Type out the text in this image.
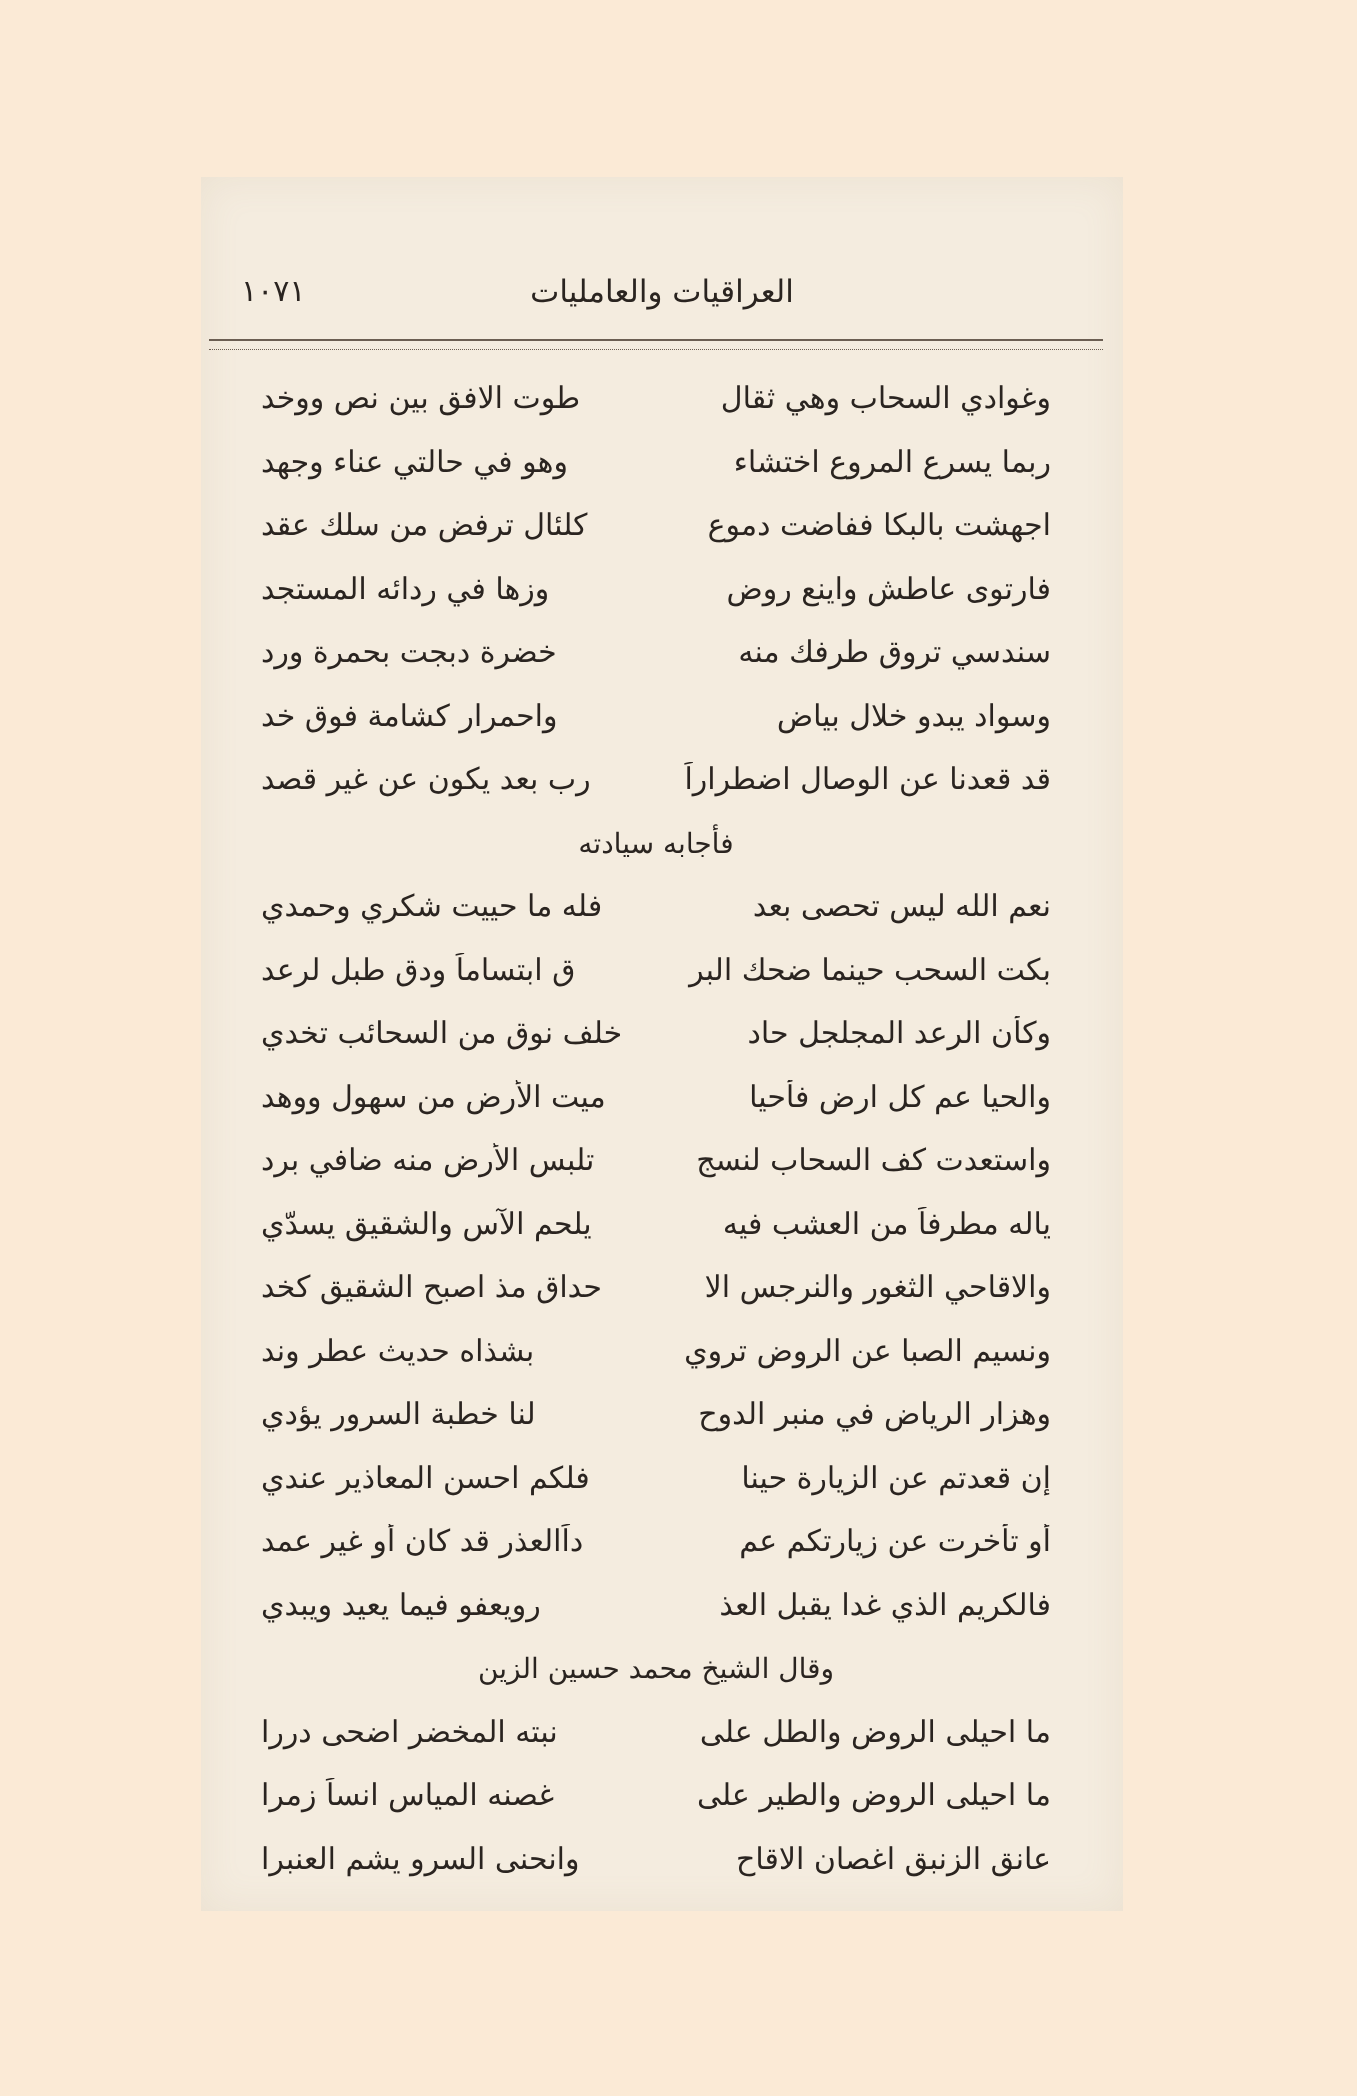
العراقيات والعامليات
١٠٧١
وغوادي السحاب وهي ثقال
طوت الافق بين نص ووخد
ربما يسرع المروع اختشاء
وهو في حالتي عناء وجهد
اجهشت بالبكا ففاضت دموع
كلئال ترفض من سلك عقد
فارتوى عاطش واينع روض
وزها في ردائه المستجد
سندسي تروق طرفك منه
خضرة دبجت بحمرة ورد
وسواد يبدو خلال بياض
واحمرار كشامة فوق خد
قد قعدنا عن الوصال اضطراراً
رب بعد يكون عن غير قصد
فأجابه سيادته
نعم الله ليس تحصى بعد
فله ما حييت شكري وحمدي
بكت السحب حينما ضحك البر
ق ابتساماً ودق طبل لرعد
وكأن الرعد المجلجل حاد
خلف نوق من السحائب تخدي
والحيا عم كل ارض فأحيا
ميت الأرض من سهول ووهد
واستعدت كف السحاب لنسج
تلبس الأرض منه ضافي برد
ياله مطرفاً من العشب فيه
يلحم الآس والشقيق يسدّي
والاقاحي الثغور والنرجس الا
حداق مذ اصبح الشقيق كخد
ونسيم الصبا عن الروض تروي
بشذاه حديث عطر وند
وهزار الرياض في منبر الدوح
لنا خطبة السرور يؤدي
إن قعدتم عن الزيارة حينا
فلكم احسن المعاذير عندي
أو تأخرت عن زيارتكم عم
داًالعذر قد كان أو غير عمد
فالكريم الذي غدا يقبل العذ
رويعفو فيما يعيد ويبدي
وقال الشيخ محمد حسين الزين
ما احيلى الروض والطل على
نبته المخضر اضحى دررا
ما احيلى الروض والطير على
غصنه المياس انساً زمرا
عانق الزنبق اغصان الاقاح
وانحنى السرو يشم العنبرا
